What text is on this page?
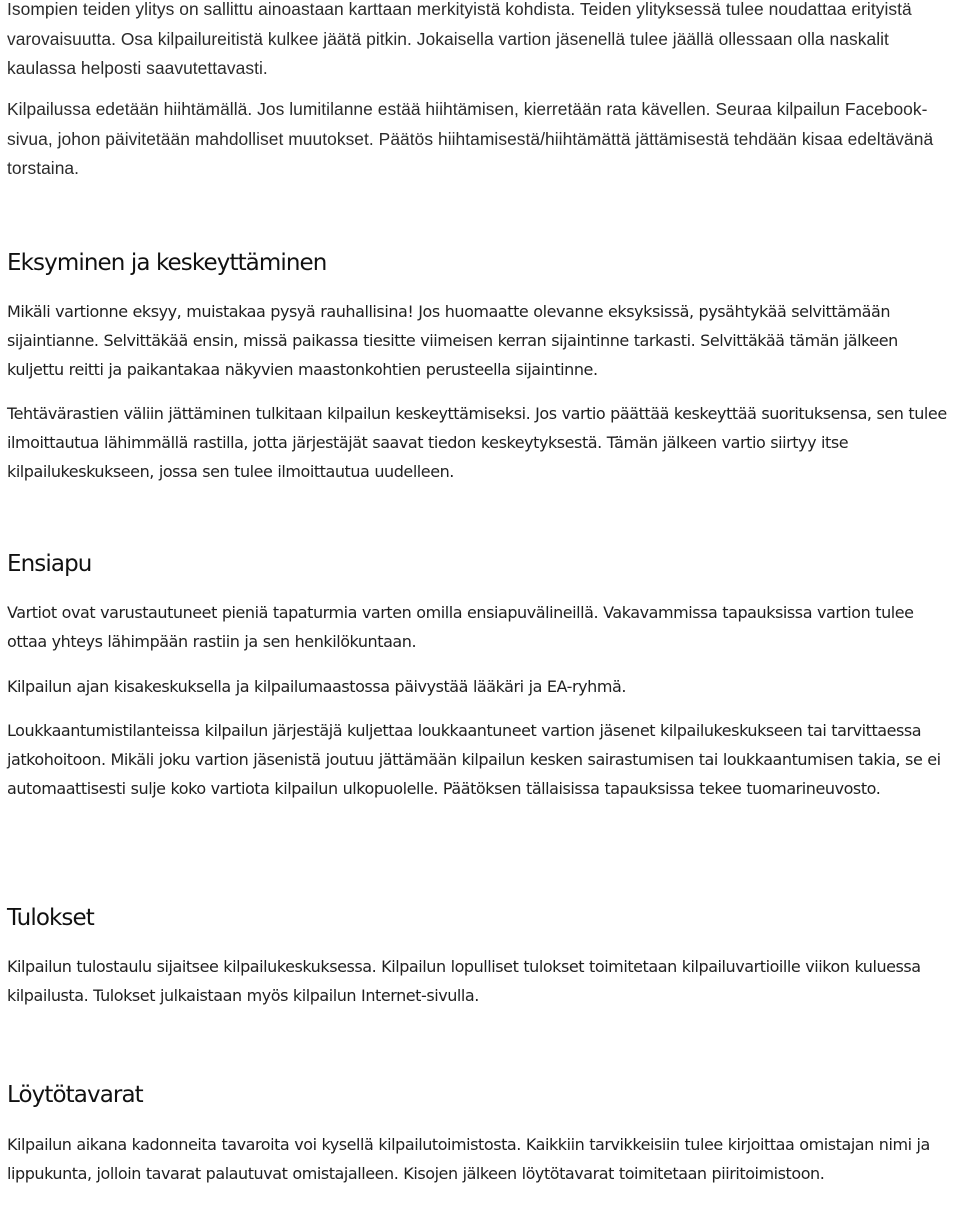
Isompien teiden ylitys on sallittu ainoastaan karttaan merkityistä kohdista. Teiden ylityksessä tulee noudattaa erityistä varovaisuutta. Osa kilpailureitistä kulkee jäätä pitkin. Jokaisella vartion jäsenellä tulee jäällä ollessaan olla naskalit kaulassa helposti saavutettavasti.

Kilpailussa edetään hiihtämällä. Jos lumitilanne estää hiihtämisen, kierretään rata kävellen. Seuraa kilpailun Facebook-sivua, johon päivitetään mahdolliset muutokset. Päätös hiihtamisestä/hiihtämättä jättämisestä tehdään kisaa edeltävänä torstaina.

Eksyminen ja keskeyttäminen

Mikäli vartionne eksyy, muistakaa pysyä rauhallisina! Jos huomaatte olevanne eksyksissä, pysähtykää selvittämään sijaintianne. Selvittäkää ensin, missä paikassa tiesitte viimeisen kerran sijaintinne tarkasti. Selvittäkää tämän jälkeen kuljettu reitti ja paikantakaa näkyvien maastonkohtien perusteella sijaintinne.

Tehtävärastien väliin jättäminen tulkitaan kilpailun keskeyttämiseksi. Jos vartio päättää keskeyttää suorituksensa, sen tulee ilmoittautua lähimmällä rastilla, jotta järjestäjät saavat tiedon keskeytyksestä. Tämän jälkeen vartio siirtyy itse kilpailukeskukseen, jossa sen tulee ilmoittautua uudelleen.

Ensiapu

Vartiot ovat varustautuneet pieniä tapaturmia varten omilla ensiapuvälineillä. Vakavammissa tapauksissa vartion tulee ottaa yhteys lähimpään rastiin ja sen henkilökuntaan.

Kilpailun ajan kisakeskuksella ja kilpailumaastossa päivystää lääkäri ja EA-ryhmä.

Loukkaantumistilanteissa kilpailun järjestäjä kuljettaa loukkaantuneet vartion jäsenet kilpailukeskukseen tai tarvittaessa jatkohoitoon. Mikäli joku vartion jäsenistä joutuu jättämään kilpailun kesken sairastumisen tai loukkaantumisen takia, se ei automaattisesti sulje koko vartiota kilpailun ulkopuolelle. Päätöksen tällaisissa tapauksissa tekee tuomarineuvosto.

Tulokset

Kilpailun tulostaulu sijaitsee kilpailukeskuksessa. Kilpailun lopulliset tulokset toimitetaan kilpailuvartioille viikon kuluessa kilpailusta. Tulokset julkaistaan myös kilpailun Internet-sivulla.

Löytötavarat

Kilpailun aikana kadonneita tavaroita voi kysellä kilpailutoimistosta. Kaikkiin tarvikkeisiin tulee kirjoittaa omistajan nimi ja lippukunta, jolloin tavarat palautuvat omistajalleen. Kisojen jälkeen löytötavarat toimitetaan piiritoimistoon.
